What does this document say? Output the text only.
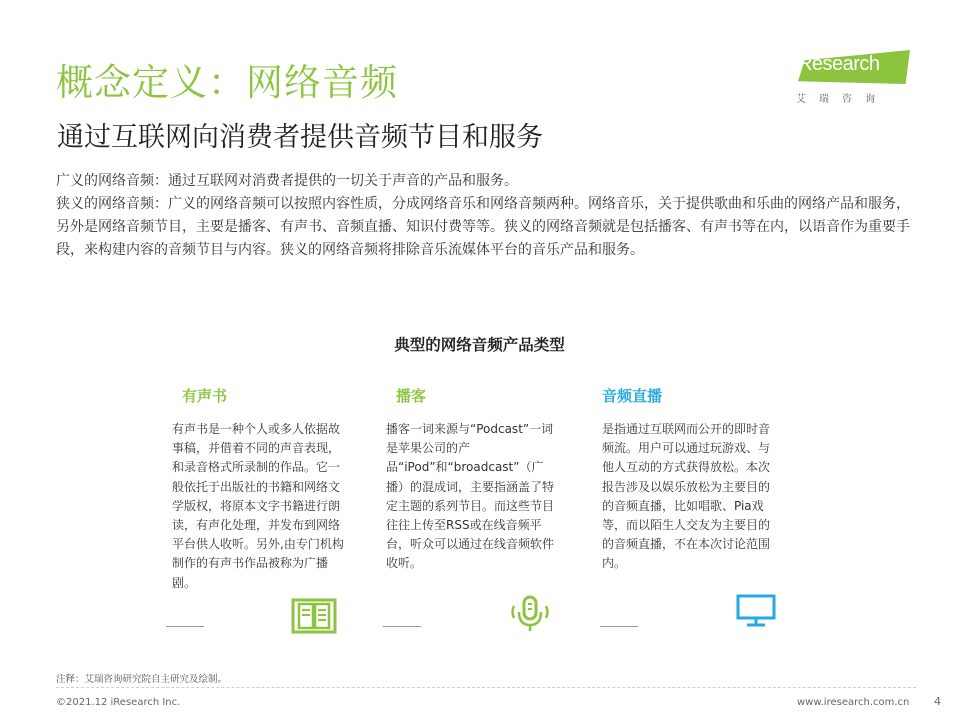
概念定义：网络音频
通过互联网向消费者提供音频节目和服务
iResearch
艾瑞咨询

广义的网络音频：通过互联网对消费者提供的一切关于声音的产品和服务。

狭义的网络音频：广义的网络音频可以按照内容性质，分成网络音乐和网络音频两种。网络音乐，关于提供歌曲和乐曲的网络产品和服务，另外是网络音频节目，主要是播客、有声书、音频直播、知识付费等等。狭义的网络音频就是包括播客、有声书等在内，以语音作为重要手段，来构建内容的音频节目与内容。狭义的网络音频将排除音乐流媒体平台的音乐产品和服务。

典型的网络音频产品类型
有声书
有声书是一种个人或多人依据故事稿，并借着不同的声音表现，和录音格式所录制的作品。它一般依托于出版社的书籍和网络文学版权，将原本文字书籍进行朗读，有声化处理，并发布到网络平台供人收听。另外,由专门机构制作的有声书作品被称为广播剧。
播客
播客一词来源与“Podcast”一词是苹果公司的产品“iPod”和“broadcast”（广播）的混成词，主要指涵盖了特定主题的系列节目。而这些节目往往上传至RSS或在线音频平台，听众可以通过在线音频软件收听。
音频直播
是指通过互联网而公开的即时音频流。用户可以通过玩游戏、与他人互动的方式获得放松。本次报告涉及以娱乐放松为主要目的的音频直播，比如唱歌、Pia戏等，而以陌生人交友为主要目的的音频直播，不在本次讨论范围内。
注释：艾瑞咨询研究院自主研究及绘制。
©2021.12 iResearch Inc.	www.iresearch.com.cn 4
